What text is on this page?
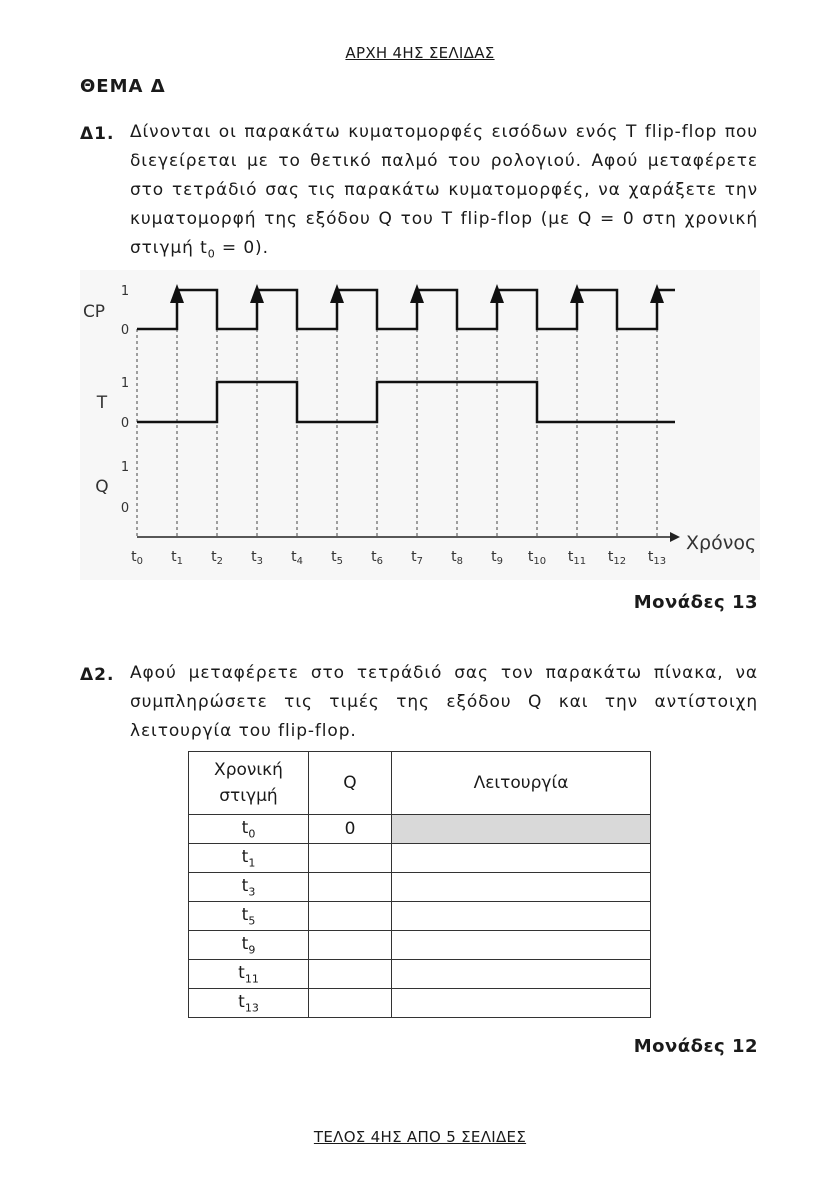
ΑΡΧΗ 4ΗΣ ΣΕΛΙΔΑΣ
ΘΕΜΑ Δ
Δ1. Δίνονται οι παρακάτω κυματομορφές εισόδων ενός T flip-flop που διεγείρεται με το θετικό παλμό του ρολογιού. Αφού μεταφέρετε στο τετράδιό σας τις παρακάτω κυματομορφές, να χαράξετε την κυματομορφή της εξόδου Q του T flip-flop (με Q = 0 στη χρονική στιγμή $t_0 = 0$).
Χρόνος
$t_0$ $t_1$ $t_2$ $t_3$ $t_4$ $t_5$ $t_6$ $t_7$ $t_8$ $t_9$ $t_{10}$ $t_{11}$ $t_{12}$ $t_{13}$
CP
T
Q
1
0
1
0
1
0
Μονάδες 13
Δ2. Αφού μεταφέρετε στο τετράδιό σας τον παρακάτω πίνακα, να συμπληρώσετε τις τιμές της εξόδου Q και την αντίστοιχη λειτουργία του flip-flop.
Χρονική στιγμή	Q	Λειτουργία
$t_0$	0	
$t_1$		
$t_3$		
$t_5$		
$t_9$		
$t_{11}$		
$t_{13}$		
Μονάδες 12
ΤΕΛΟΣ 4ΗΣ ΑΠΟ 5 ΣΕΛΙΔΕΣ
